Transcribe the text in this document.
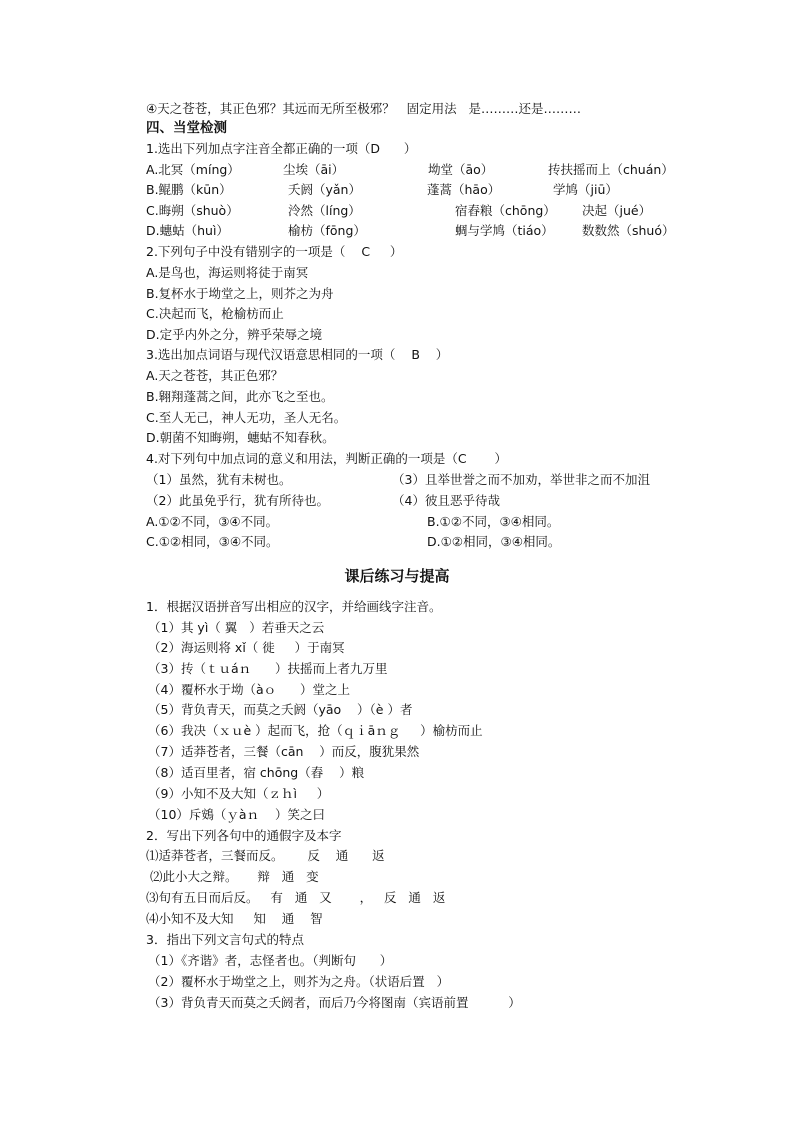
④天之苍苍，其正色邪？其远而无所至极邪？   固定用法   是………还是………
四、当堂检测
1.选出下列加点字注音全都正确的一项（D      ）
A.北冥（míng）	尘埃（āi）	坳堂（āo）	抟扶摇而上（chuán）
B.鲲鹏（kūn）	夭阏（yǎn）	蓬蒿（hāo）	学鸠（jiū）
C.晦朔（shuò）	泠然（líng）	宿舂粮（chōng） 决起（jué）
D.蟪蛄（huì）	榆枋（fōng）	蜩与学鸠（tiáo） 数数然（shuó）
2.下列句子中没有错别字的一项是（    C     ）
A.是鸟也，海运则将徒于南冥
B.复杯水于坳堂之上，则芥之为舟
C.决起而飞，枪榆枋而止
D.定乎内外之分，辨乎荣辱之境
3.选出加点词语与现代汉语意思相同的一项（    B    ）
A.天之苍苍，其正色邪？
B.翱翔蓬蒿之间，此亦飞之至也。
C.至人无己，神人无功，圣人无名。
D.朝菌不知晦朔，蟪蛄不知春秋。
4.对下列句中加点词的意义和用法，判断正确的一项是（C       ）
（1）虽然，犹有未树也。	（3）且举世誉之而不加劝，举世非之而不加沮
（2）此虽免乎行，犹有所待也。	（4）彼且恶乎待哉
A.①②不同，③④不同。	B.①②不同，③④相同。
C.①②相同，③④不同。	D.①②相同，③④相同。
课后练习与提高
1．根据汉语拼音写出相应的汉字，并给画线字注音。
（1）其 yì（ 翼   ）若垂天之云
（2）海运则将 xǐ（ 徙     ）于南冥
（3）抟（ｔｕáｎ      ）扶摇而上者九万里
（4）覆杯水于坳（àｏ      ）堂之上
（5）背负青天，而莫之夭阏（yāo    ）（è ）者
（6）我决（ｘｕè ）起而飞，抢（ｑｉāｎｇ     ）榆枋而止
（7）适莽苍者，三餐（cān    ）而反，腹犹果然
（8）适百里者，宿 chōng（舂    ）粮
（9）小知不及大知（ｚｈì     ）
（10）斥鴳（ｙàｎ    ）笑之曰
2．写出下列各句中的通假字及本字
⑴适莽苍者，三餐而反。      反    通      返
⑵此小大之辩。     辩   通   变
⑶旬有五日而后反。   有   通   又       ，   反   通   返
⑷小知不及大知     知    通    智
3．指出下列文言句式的特点
（1）《齐谐》者，志怪者也。（判断句      ）
（2）覆杯水于坳堂之上，则芥为之舟。（状语后置   ）
（3）背负青天而莫之夭阏者，而后乃今将图南（宾语前置          ）
